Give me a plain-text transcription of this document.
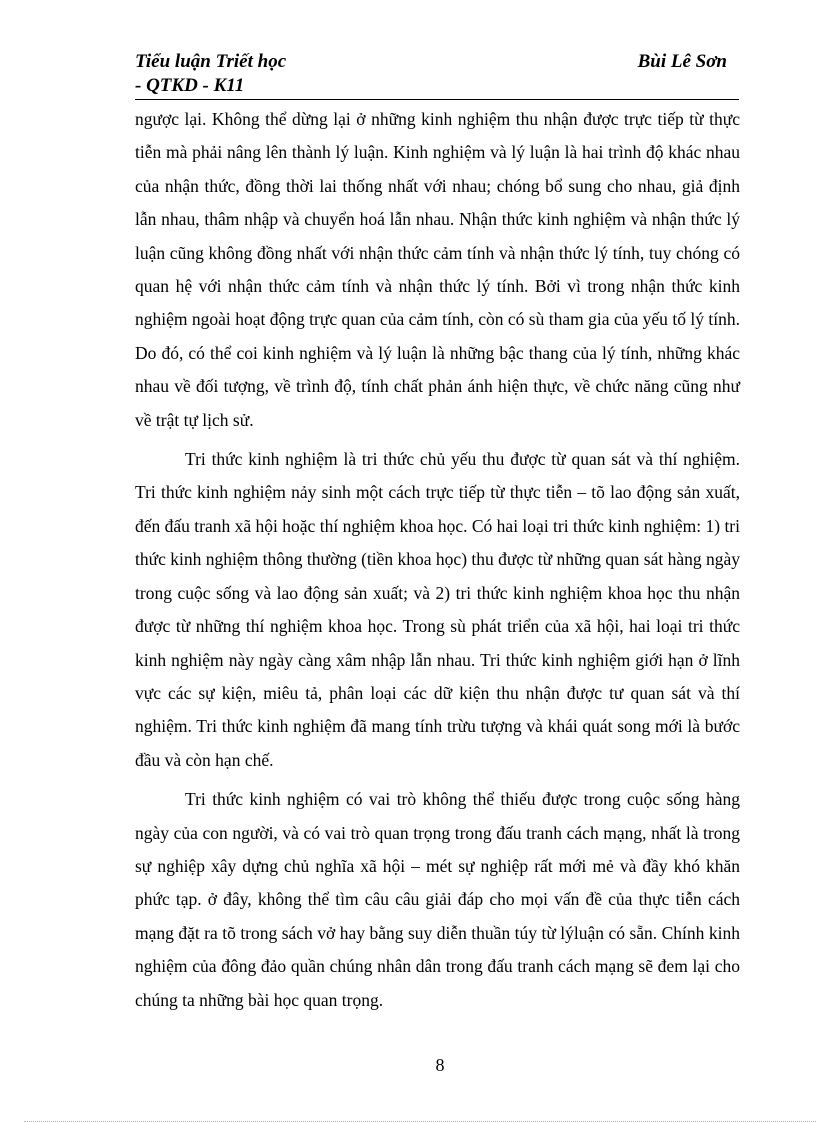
Tiểu luận Triết học
- QTKD - K11
Bùi Lê Sơn

ngược lại. Không thể dừng lại ở những kinh nghiệm thu nhận được trực tiếp từ thực tiễn mà phải nâng lên thành lý luận. Kinh nghiệm và lý luận là hai trình độ khác nhau của nhận thức, đồng thời lai thống nhất với nhau; chóng bổ sung cho nhau, giả định lẫn nhau, thâm nhập và chuyển hoá lẫn nhau. Nhận thức kinh nghiệm và nhận thức lý luận cũng không đồng nhất với nhận thức cảm tính và nhận thức lý tính, tuy chóng có quan hệ với nhận thức cảm tính và nhận thức lý tính. Bởi vì trong nhận thức kinh nghiệm ngoài hoạt động trực quan của cảm tính, còn có sù tham gia của yếu tố lý tính. Do đó, có thể coi kinh nghiệm và lý luận là những bậc thang của lý tính, những khác nhau về đối tượng, về trình độ, tính chất phản ánh hiện thực, về chức năng cũng như về trật tự lịch sử.

Tri thức kinh nghiệm là tri thức chủ yếu thu được từ quan sát và thí nghiệm. Tri thức kinh nghiệm nảy sinh một cách trực tiếp từ thực tiễn – tõ lao động sản xuất, đến đấu tranh xã hội hoặc thí nghiệm khoa học. Có hai loại tri thức kinh nghiệm: 1) tri thức kinh nghiệm thông thường (tiền khoa học) thu được từ những quan sát hàng ngày trong cuộc sống và lao động sản xuất; và 2) tri thức kinh nghiệm khoa học thu nhận được từ những thí nghiệm khoa học. Trong sù phát triển của xã hội, hai loại tri thức kinh nghiệm này ngày càng xâm nhập lẫn nhau. Tri thức kinh nghiệm giới hạn ở lĩnh vực các sự kiện, miêu tả, phân loại các dữ kiện thu nhận được tư quan sát và thí nghiệm. Tri thức kinh nghiệm đã mang tính trừu tượng và khái quát song mới là bước đầu và còn hạn chế.

Tri thức kinh nghiệm có vai trò không thể thiếu được trong cuộc sống hàng ngày của con người, và có vai trò quan trọng trong đấu tranh cách mạng, nhất là trong sự nghiệp xây dựng chủ nghĩa xã hội – mét sự nghiệp rất mới mẻ và đầy khó khăn phức tạp. ở đây, không thể tìm câu câu giải đáp cho mọi vấn đề của thực tiễn cách mạng đặt ra tõ trong sách vở hay bằng suy diễn thuần túy từ lýluận có sẵn. Chính kinh nghiệm của đông đảo quần chúng nhân dân trong đấu tranh cách mạng sẽ đem lại cho chúng ta những bài học quan trọng.

8
